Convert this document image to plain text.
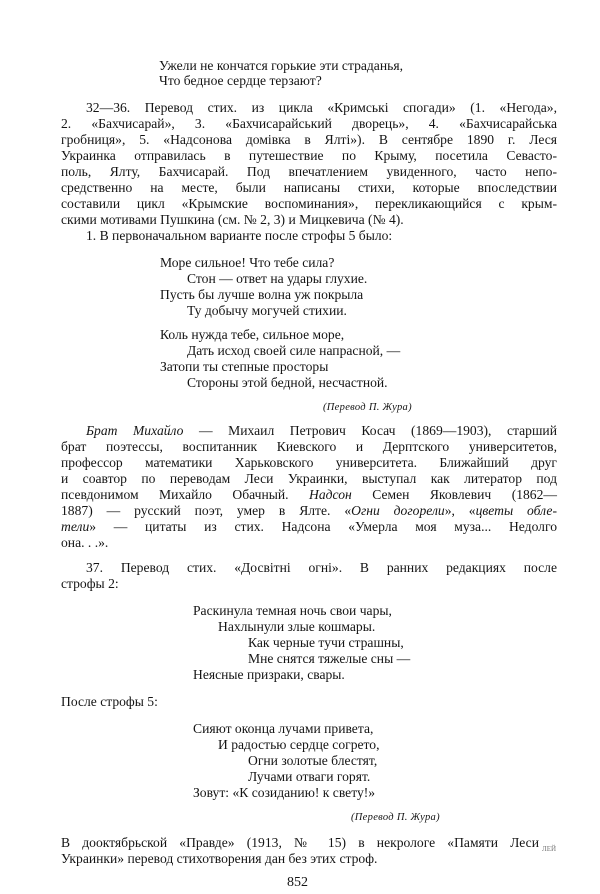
Ужели не кончатся горькие эти страданья,
Что бедное сердце терзают?
32—36. Перевод стих. из цикла «Кримські спогади» (1. «Негода»,
2. «Бахчисарай», 3. «Бахчисарайський дворець», 4. «Бахчисарайська
гробниця», 5. «Надсонова домівка в Ялті»). В сентябре 1890 г. Леся
Украинка отправилась в путешествие по Крыму, посетила Севасто-
поль, Ялту, Бахчисарай. Под впечатлением увиденного, часто непо-
средственно на месте, были написаны стихи, которые впоследствии
составили цикл «Крымские воспоминания», перекликающийся с крым-
скими мотивами Пушкина (см. № 2, 3) и Мицкевича (№ 4).
1. В первоначальном варианте после строфы 5 было:
Море сильное! Что тебе сила?
Стон — ответ на удары глухие.
Пусть бы лучше волна уж покрыла
Ту добычу могучей стихии.
Коль нужда тебе, сильное море,
Дать исход своей силе напрасной, —
Затопи ты степные просторы
Стороны этой бедной, несчастной.
(Перевод П. Жура)
Брат Михайло — Михаил Петрович Косач (1869—1903), старший
брат поэтессы, воспитанник Киевского и Дерптского университетов,
профессор математики Харьковского университета. Ближайший друг
и соавтор по переводам Леси Украинки, выступал как литератор под
псевдонимом Михайло Обачный. Надсон Семен Яковлевич (1862—
1887) — русский поэт, умер в Ялте. «Огни догорели», «цветы обле-
тели» — цитаты из стих. Надсона «Умерла моя муза... Недолго
она. . .».
37. Перевод стих. «Досвітні огні». В ранних редакциях после
строфы 2:
Раскинула темная ночь свои чары,
Нахлынули злые кошмары.
Как черные тучи страшны,
Мне снятся тяжелые сны —
Неясные призраки, свары.
После строфы 5:
Сияют оконца лучами привета,
И радостью сердце согрето,
Огни золотые блестят,
Лучами отваги горят.
Зовут: «К созиданию! к свету!»
(Перевод П. Жура)
В дооктябрьской «Правде» (1913, № 15) в некрологе «Памяти Леси
Украинки» перевод стихотворения дан без этих строф.
ЛЕЙ
852
